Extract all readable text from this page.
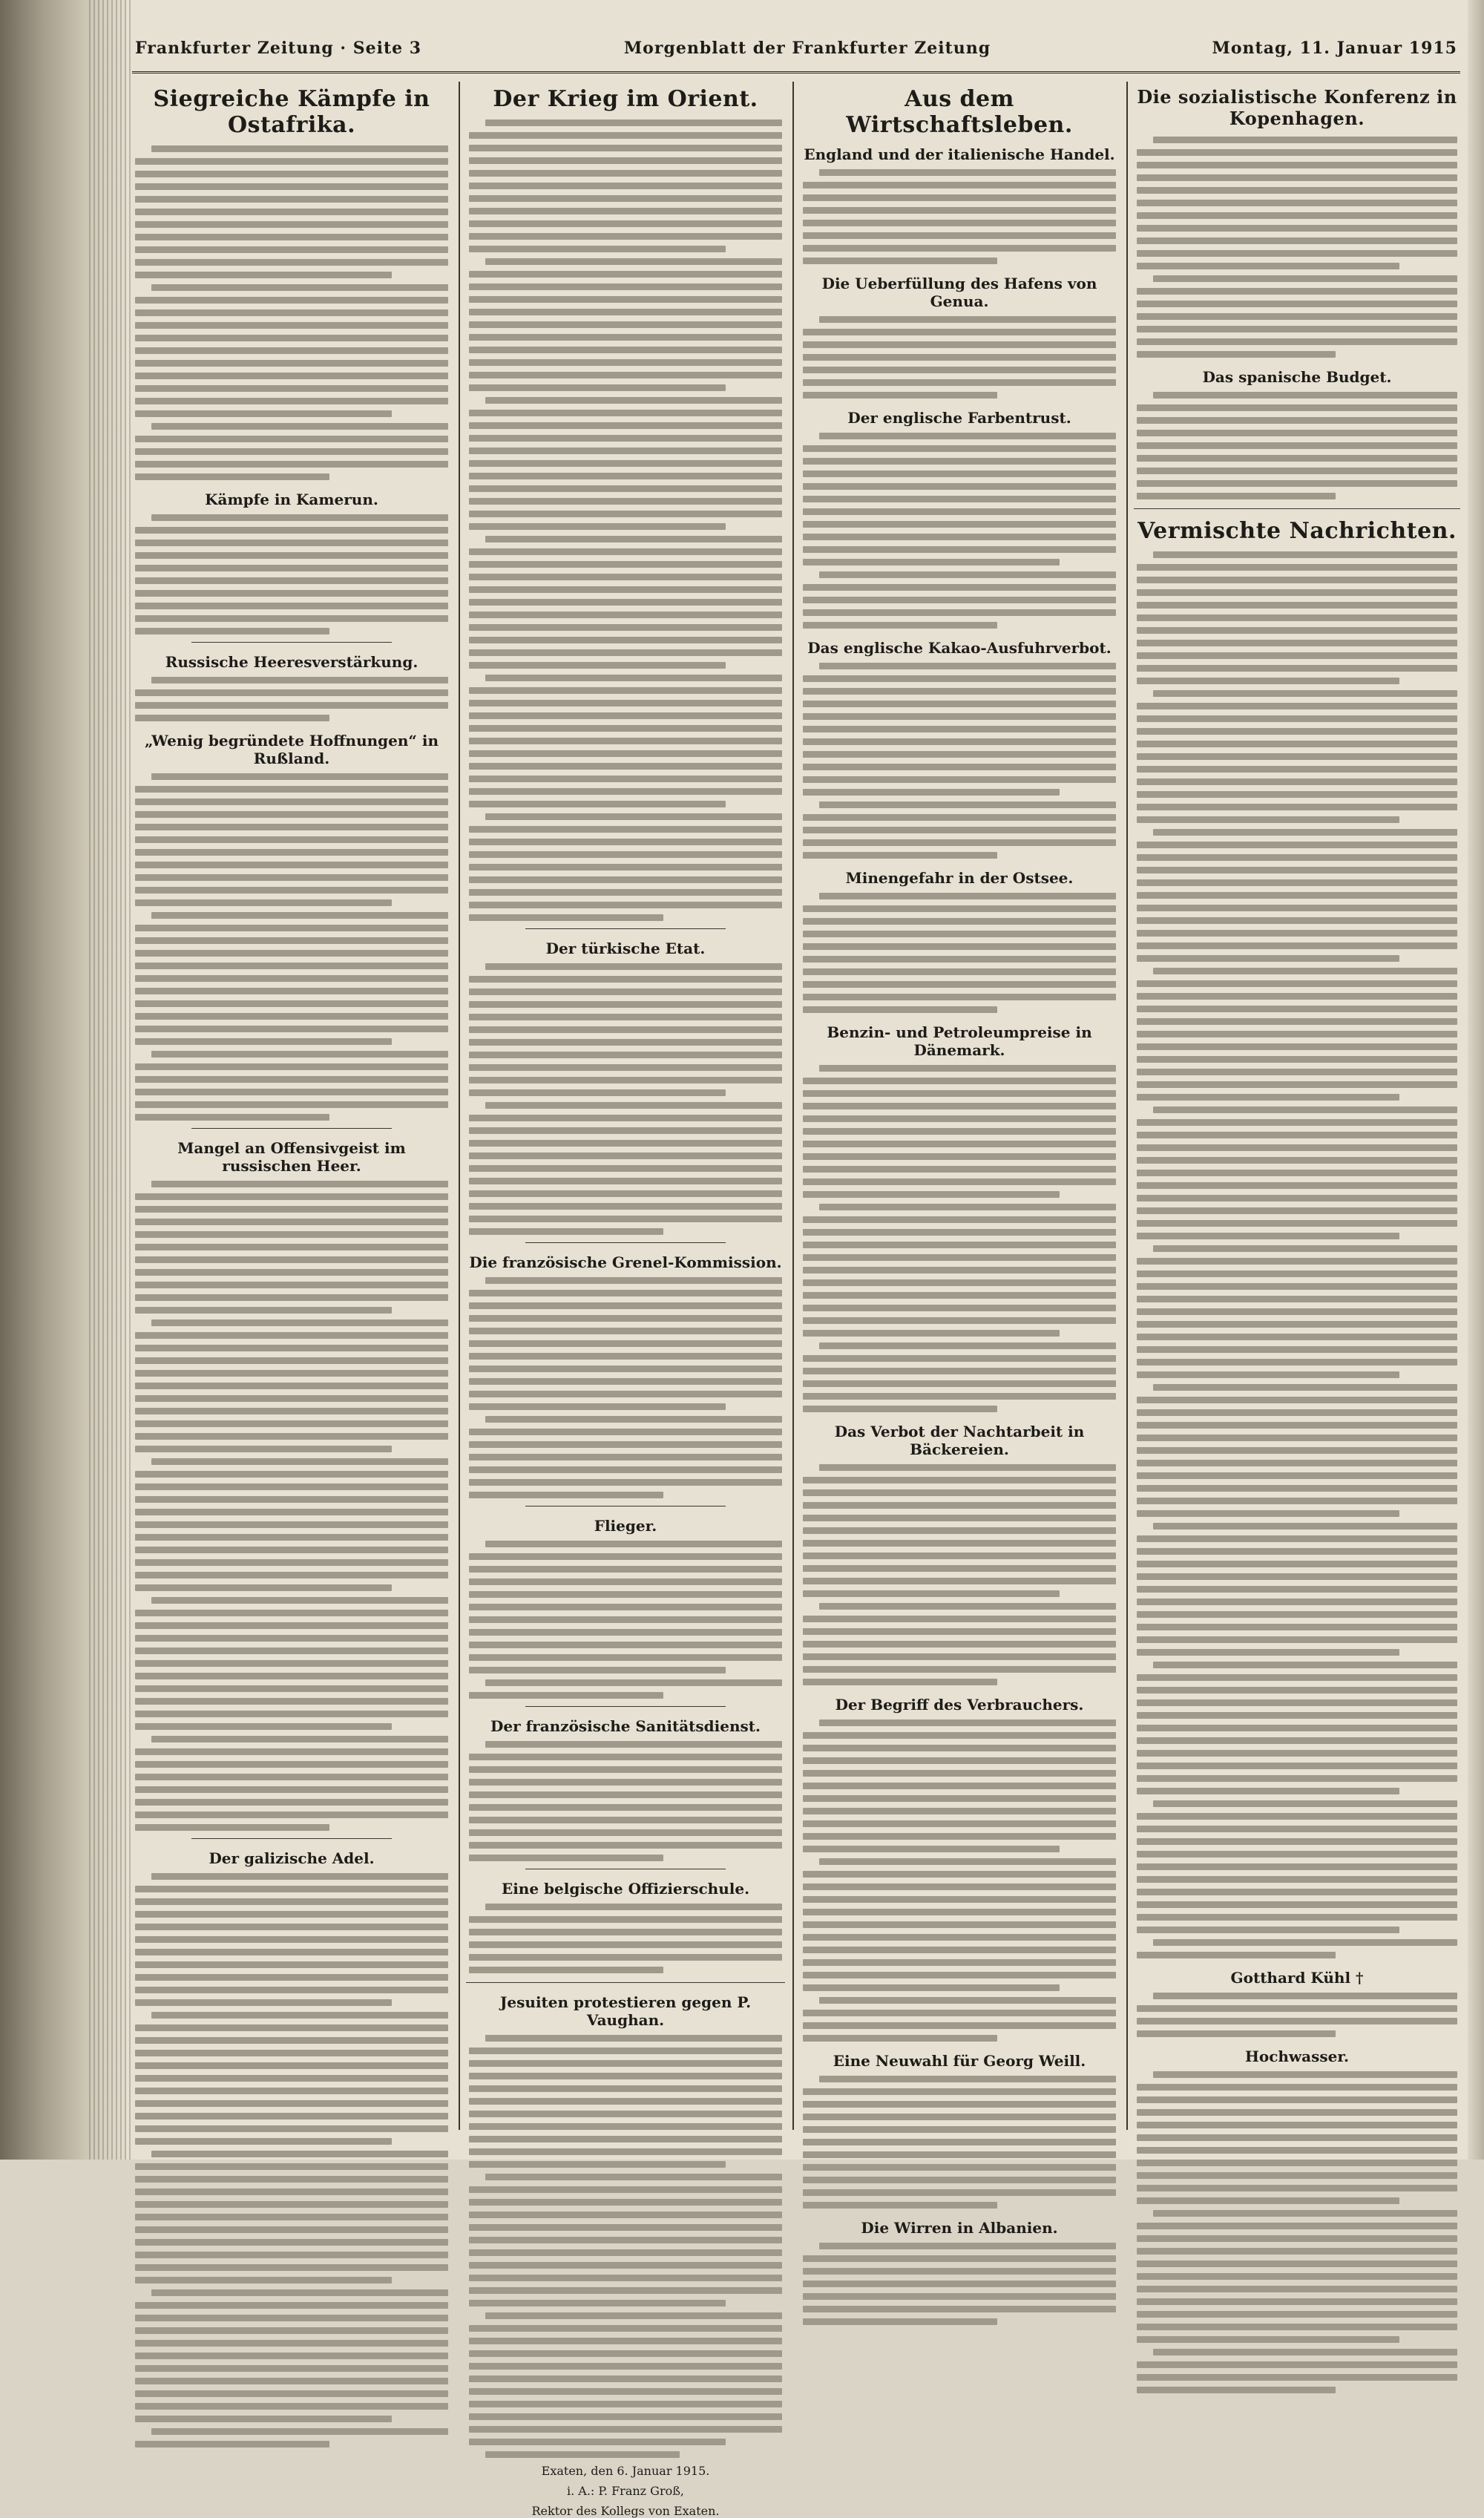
Frankfurter Zeitung · Seite 3	Morgenblatt der Frankfurter Zeitung	Montag, 11. Januar 1915
Siegreiche Kämpfe in Ostafrika.
Kämpfe in Kamerun.
Russische Heeresverstärkung.
„Wenig begründete Hoffnungen“ in Rußland.
Mangel an Offensivgeist im russischen Heer.
Der galizische Adel.
Der Krieg im Orient.
Der türkische Etat.
Die französische Grenel-Kommission.
Flieger.
Der französische Sanitätsdienst.
Eine belgische Offizierschule.
Jesuiten protestieren gegen P. Vaughan.
Exaten, den 6. Januar 1915.
i. A.: P. Franz Groß,
Rektor des Kollegs von Exaten.
Aus dem Wirtschaftsleben.
England und der italienische Handel.
Die Ueberfüllung des Hafens von Genua.
Der englische Farbentrust.
Das englische Kakao-Ausfuhrverbot.
Minengefahr in der Ostsee.
Benzin- und Petroleumpreise in Dänemark.
Das Verbot der Nachtarbeit in Bäckereien.
Der Begriff des Verbrauchers.
Eine Neuwahl für Georg Weill.
Die Wirren in Albanien.
Die sozialistische Konferenz in Kopenhagen.
Das spanische Budget.
Vermischte Nachrichten.
Gotthard Kühl †
Hochwasser.
